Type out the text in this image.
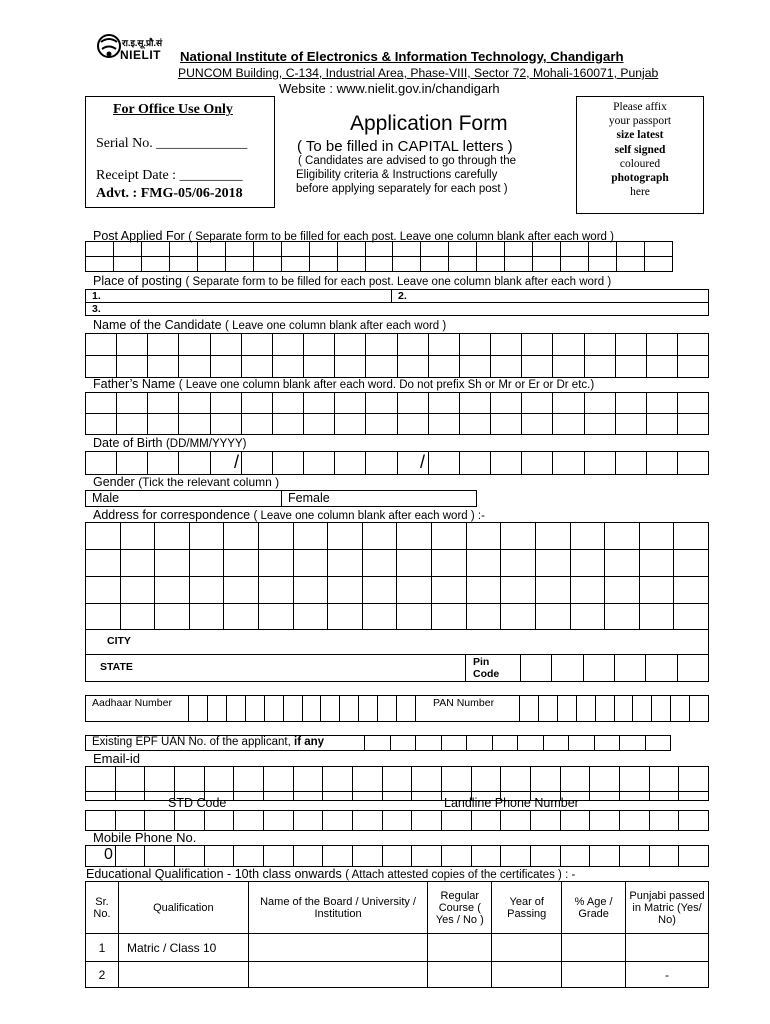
रा.इ.सू.प्रौ.सं
NIELIT National Institute of Electronics & Information Technology, Chandigarh
PUNCOM Building, C-134, Industrial Area, Phase-VIII, Sector 72, Mohali-160071, Punjab
Website : www.nielit.gov.in/chandigarh
For Office Use Only
Serial No. _____________
Receipt Date : _________
Advt. : FMG-05/06-2018
Application Form
( To be filled in CAPITAL letters )
( Candidates are advised to go through the
Eligibility criteria & Instructions carefully
before applying separately for each post )
Please affix
your passport
size latest
self signed
coloured
photograph
here
Post Applied For ( Separate form to be filled for each post. Leave one column blank after each word )
Place of posting ( Separate form to be filled for each post. Leave one column blank after each word )
1.	2.
3.
Name of the Candidate ( Leave one column blank after each word )
Father’s Name ( Leave one column blank after each word. Do not prefix Sh or Mr or Er or Dr etc.)
Date of Birth (DD/MM/YYYY)
/	/
Gender (Tick the relevant column )
Male	Female
Address for correspondence ( Leave one column blank after each word ) :-
CITY
STATE	Pin
Code
Aadhaar Number	PAN Number
Existing EPF UAN No. of the applicant, if any
Email-id
STD Code	Landline Phone Number
Mobile Phone No.
0
Educational Qualification - 10th class onwards ( Attach attested copies of the certificates ) : -
Sr. No.	Qualification	Name of the Board / University / Institution	Regular Course ( Yes / No )	Year of Passing	% Age / Grade	Punjabi passed in Matric (Yes/ No)
1	Matric / Class 10					
2						-
